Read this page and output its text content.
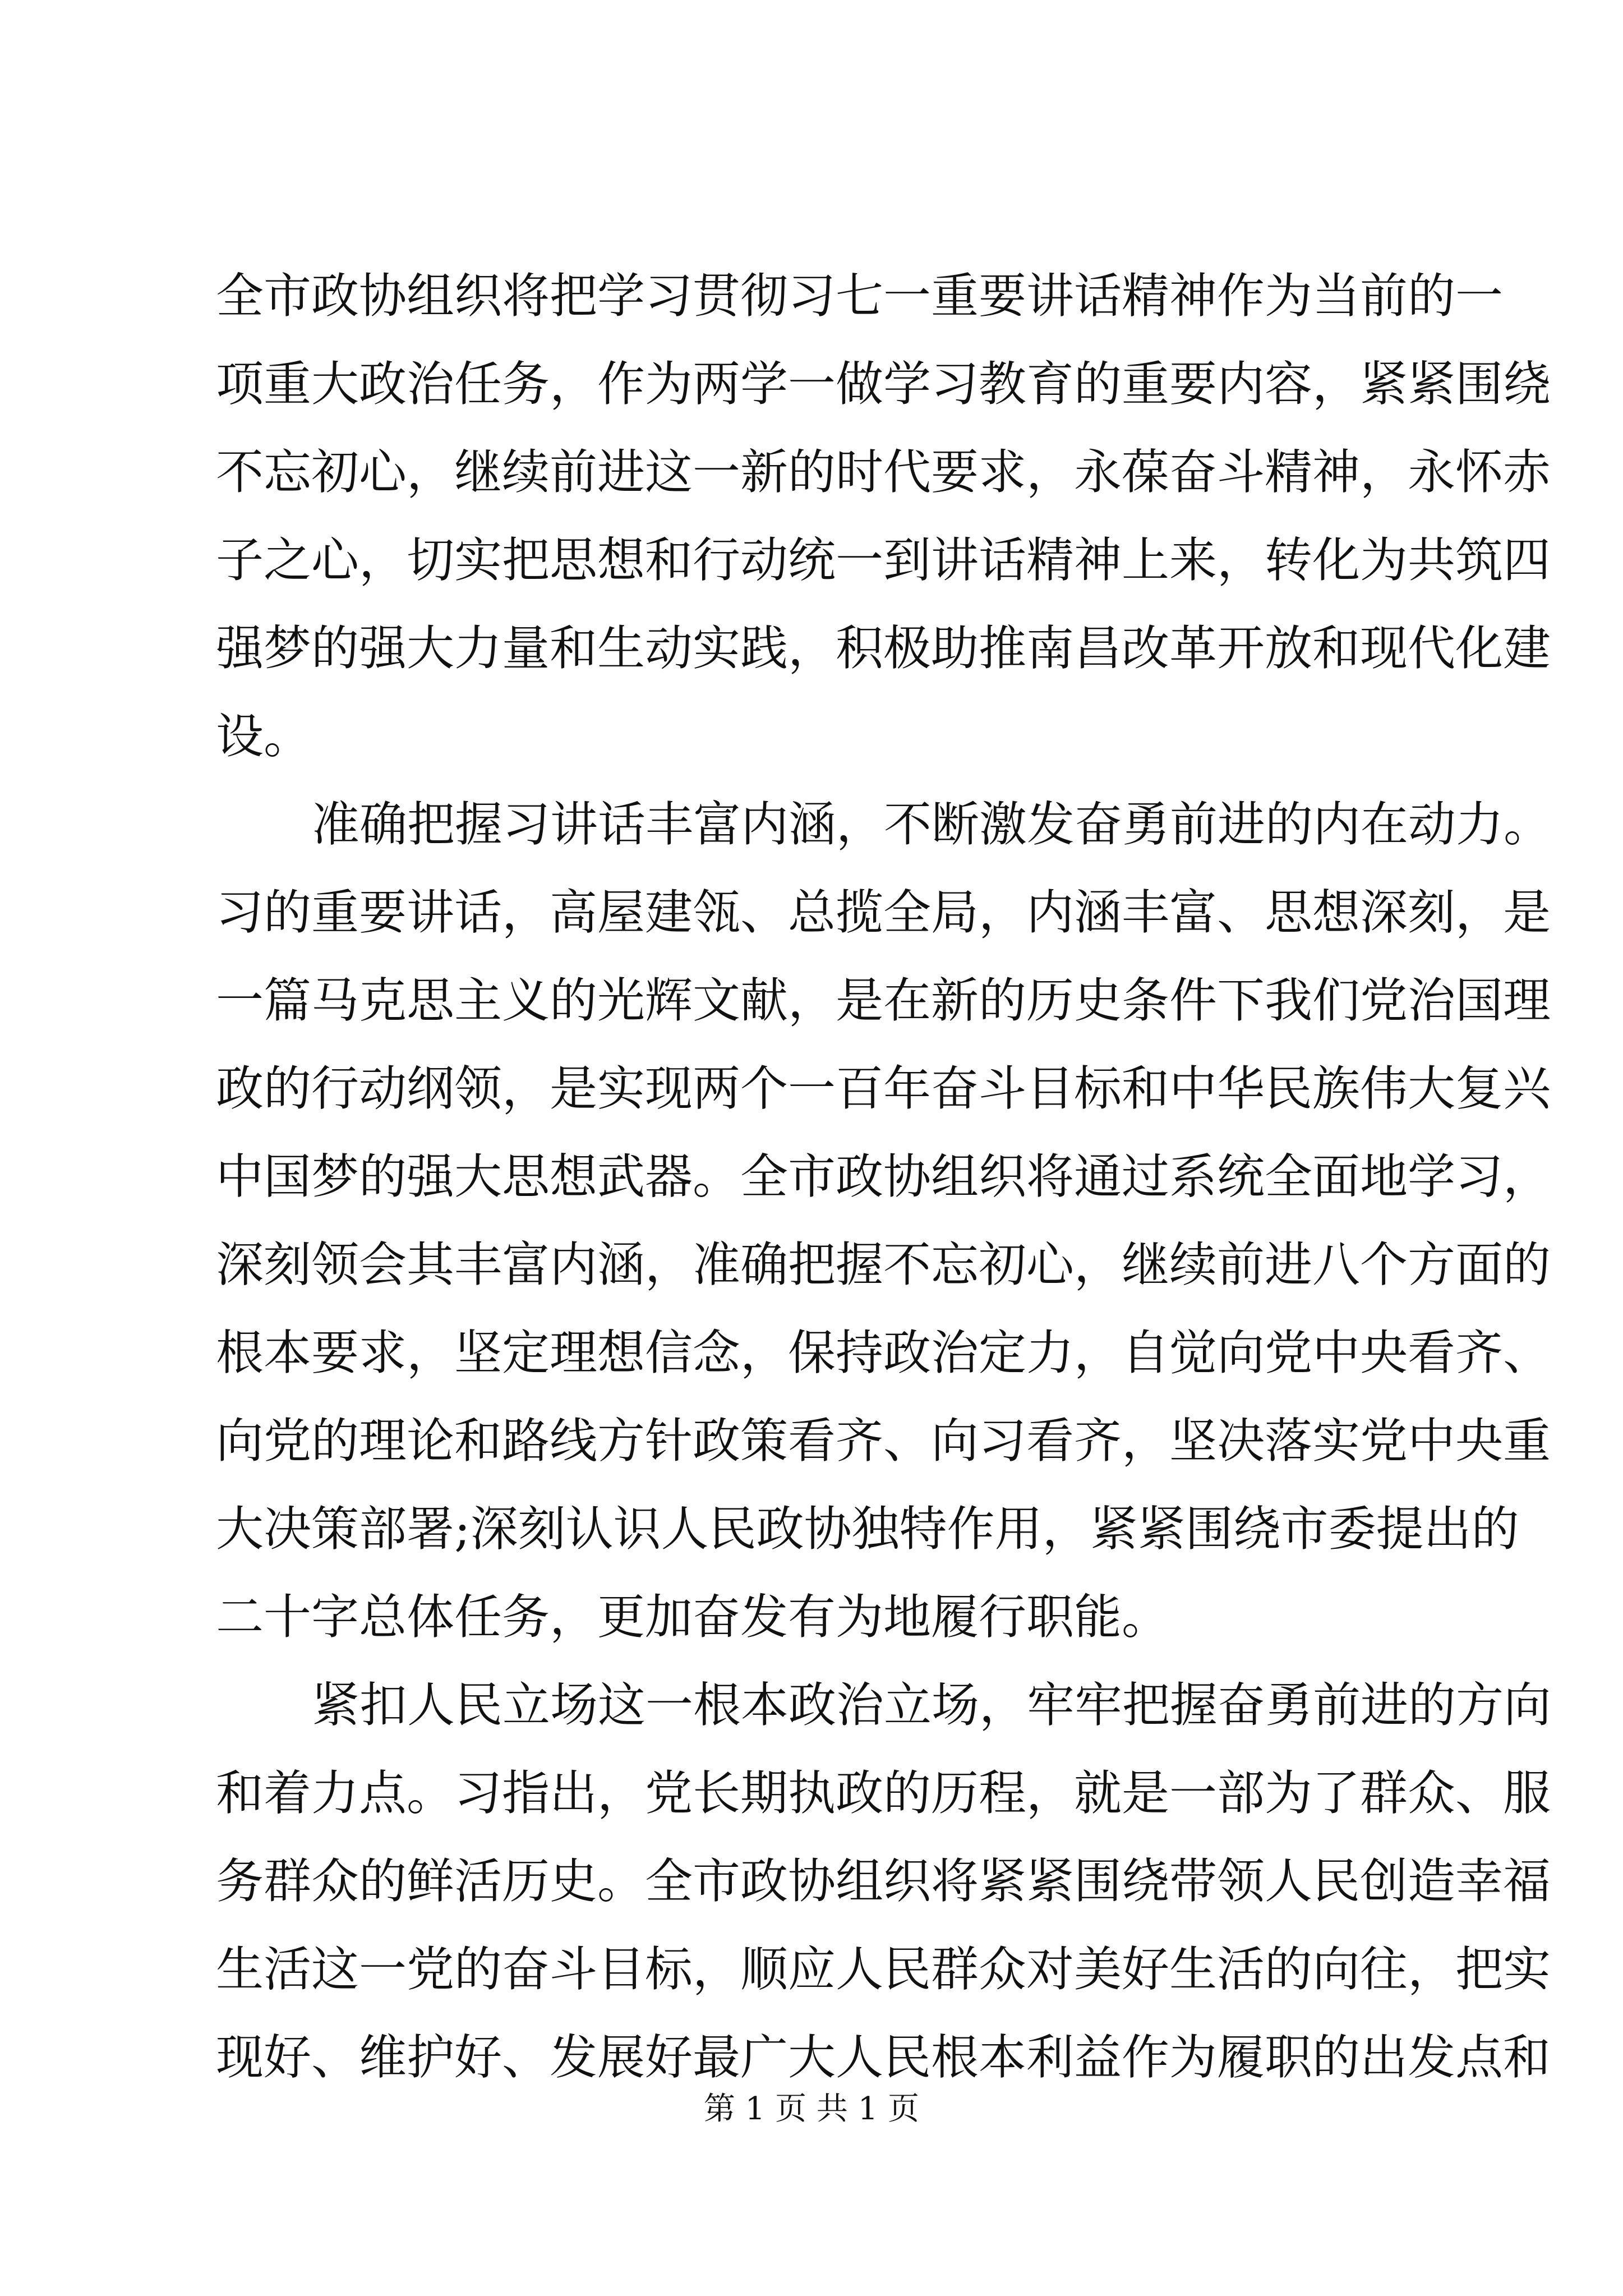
全市政协组织将把学习贯彻习七一重要讲话精神作为当前的一
项重大政治任务，作为两学一做学习教育的重要内容，紧紧围绕
不忘初心，继续前进这一新的时代要求，永葆奋斗精神，永怀赤
子之心，切实把思想和行动统一到讲话精神上来，转化为共筑四
强梦的强大力量和生动实践，积极助推南昌改革开放和现代化建
设。
准确把握习讲话丰富内涵，不断激发奋勇前进的内在动力。
习的重要讲话，高屋建瓴、总揽全局，内涵丰富、思想深刻，是
一篇马克思主义的光辉文献，是在新的历史条件下我们党治国理
政的行动纲领，是实现两个一百年奋斗目标和中华民族伟大复兴
中国梦的强大思想武器。全市政协组织将通过系统全面地学习，
深刻领会其丰富内涵，准确把握不忘初心，继续前进八个方面的
根本要求，坚定理想信念，保持政治定力，自觉向党中央看齐、
向党的理论和路线方针政策看齐、向习看齐，坚决落实党中央重
大决策部署;深刻认识人民政协独特作用，紧紧围绕市委提出的
二十字总体任务，更加奋发有为地履行职能。
紧扣人民立场这一根本政治立场，牢牢把握奋勇前进的方向
和着力点。习指出，党长期执政的历程，就是一部为了群众、服
务群众的鲜活历史。全市政协组织将紧紧围绕带领人民创造幸福
生活这一党的奋斗目标，顺应人民群众对美好生活的向往，把实
现好、维护好、发展好最广大人民根本利益作为履职的出发点和
第 1 页 共 1 页
